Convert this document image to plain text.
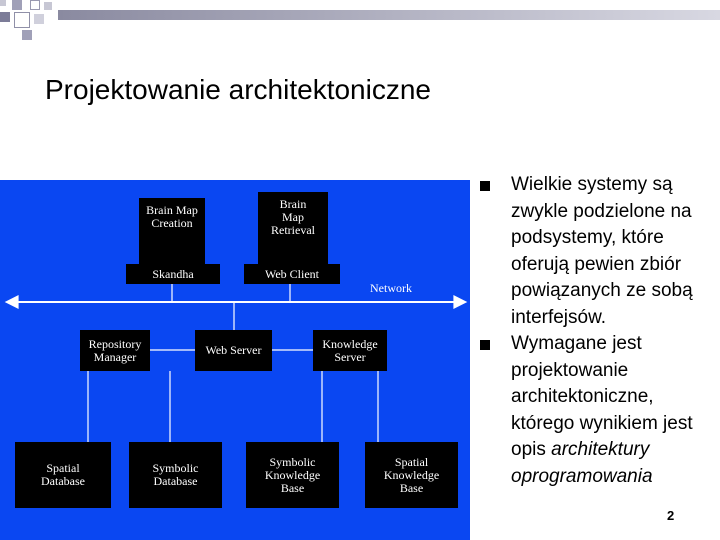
Projektowanie architektoniczne
Brain Map
Creation
Skandha
Brain
Map
Retrieval
Web Client
Network
Repository
Manager	Web Server	Knowledge
Server
Spatial
Database
Symbolic
Database
Symbolic
Knowledge
Base
Spatial
Knowledge
Base
Wielkie systemy są zwykle podzielone na podsystemy, które oferują pewien zbiór powiązanych ze sobą interfejsów.
Wymagane jest projektowanie architektoniczne, którego wynikiem jest opis architektury oprogramowania
2
